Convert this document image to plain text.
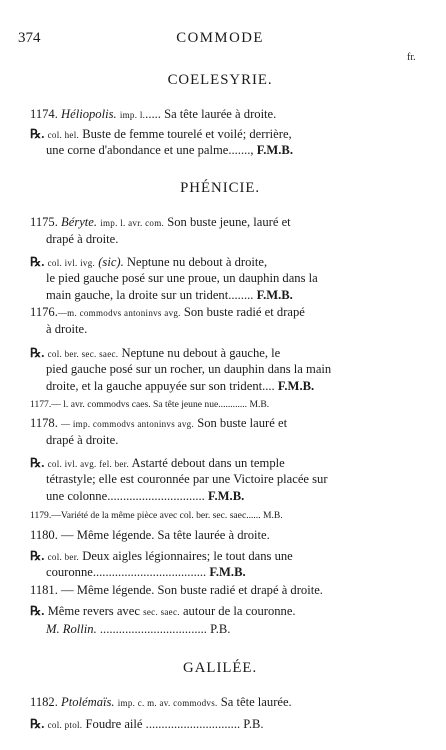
374	COMMODE
fr.
COELESYRIE.
1174. Héliopolis. imp. l...... Sa tête laurée à droite.
℞. col. hel. Buste de femme tourelé et voilé; derrière,
une corne d'abondance et une palme......., F.M.B.
PHÉNICIE.
1175. Béryte. imp. l. avr. com. Son buste jeune, lauré et
drapé à droite.
℞. col. ivl. ivg. (sic). Neptune nu debout à droite,
le pied gauche posé sur une proue, un dauphin dans la
main gauche, la droite sur un trident........ F.M.B.
1176.—m. commodvs antoninvs avg. Son buste radié et drapé
à droite.
℞. col. ber. sec. saec. Neptune nu debout à gauche, le
pied gauche posé sur un rocher, un dauphin dans la main
droite, et la gauche appuyée sur son trident.... F.M.B.
1177.— l. avr. commodvs caes. Sa tête jeune nue............ M.B.
1178. — imp. commodvs antoninvs avg. Son buste lauré et
drapé à droite.
℞. col. ivl. avg. fel. ber. Astarté debout dans un temple
tétrastyle; elle est couronnée par une Victoire placée sur
une colonne............................... F.M.B.
1179.—Variété de la même pièce avec col. ber. sec. saec...... M.B.
1180. — Même légende. Sa tête laurée à droite.
℞. col. ber. Deux aigles légionnaires; le tout dans une
couronne.................................... F.M.B.
1181. — Même légende. Son buste radié et drapé à droite.
℞. Même revers avec sec. saec. autour de la couronne.
M. Rollin. .................................. P.B.
GALILÉE.
1182. Ptolémaïs. imp. c. m. av. commodvs. Sa tête laurée.
℞. col. ptol. Foudre ailé .............................. P.B.
